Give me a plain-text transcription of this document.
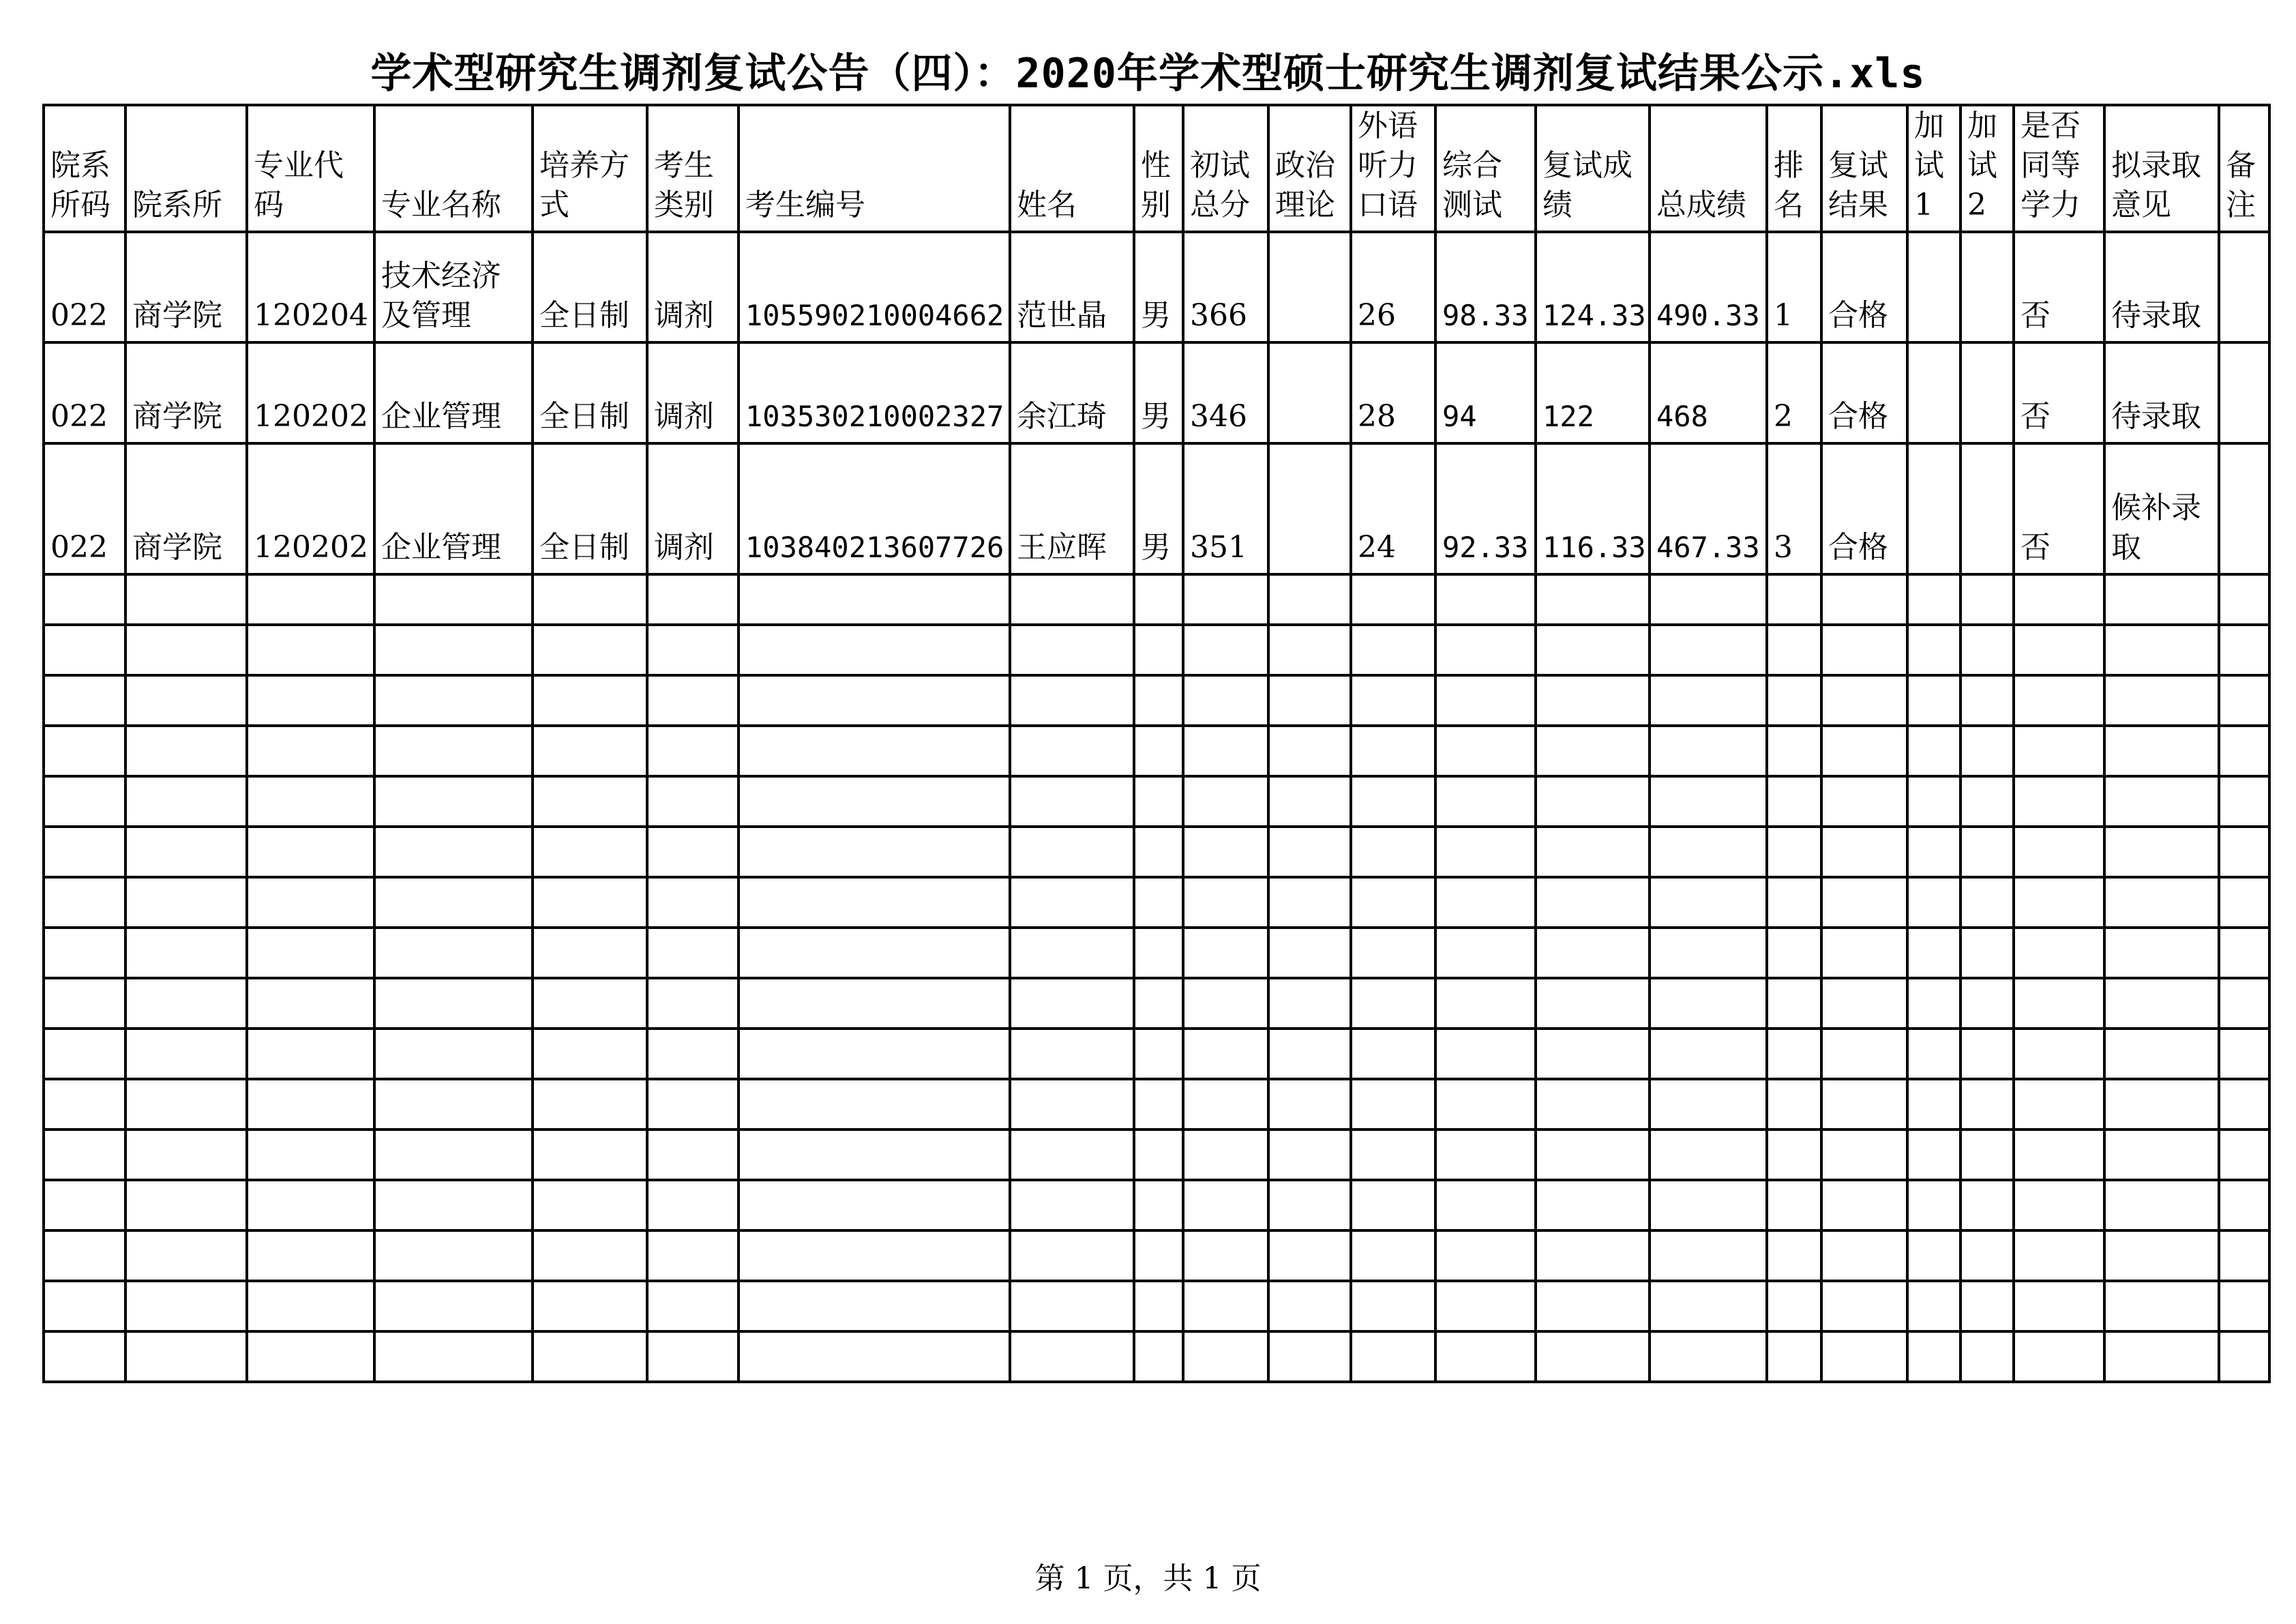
学术型研究生调剂复试公告（四）：2020年学术型硕士研究生调剂复试结果公示.xls
院系所码	院系所	专业代码	专业名称	培养方式	考生类别	考生编号	姓名	性别	初试总分	政治理论	外语听力口语	综合测试	复试成绩	总成绩	排名	复试结果	加试1	加试2	是否同等学力	拟录取意见	备注
022	商学院	120204	技术经济及管理	全日制	调剂	105590210004662	范世晶	男	366		26	98.33	124.33	490.33	1	合格			否	待录取	
022	商学院	120202	企业管理	全日制	调剂	103530210002327	余江琦	男	346		28	94	122	468	2	合格			否	待录取	
022	商学院	120202	企业管理	全日制	调剂	103840213607726	王应晖	男	351		24	92.33	116.33	467.33	3	合格			否	候补录取	

第 1 页，共 1 页
